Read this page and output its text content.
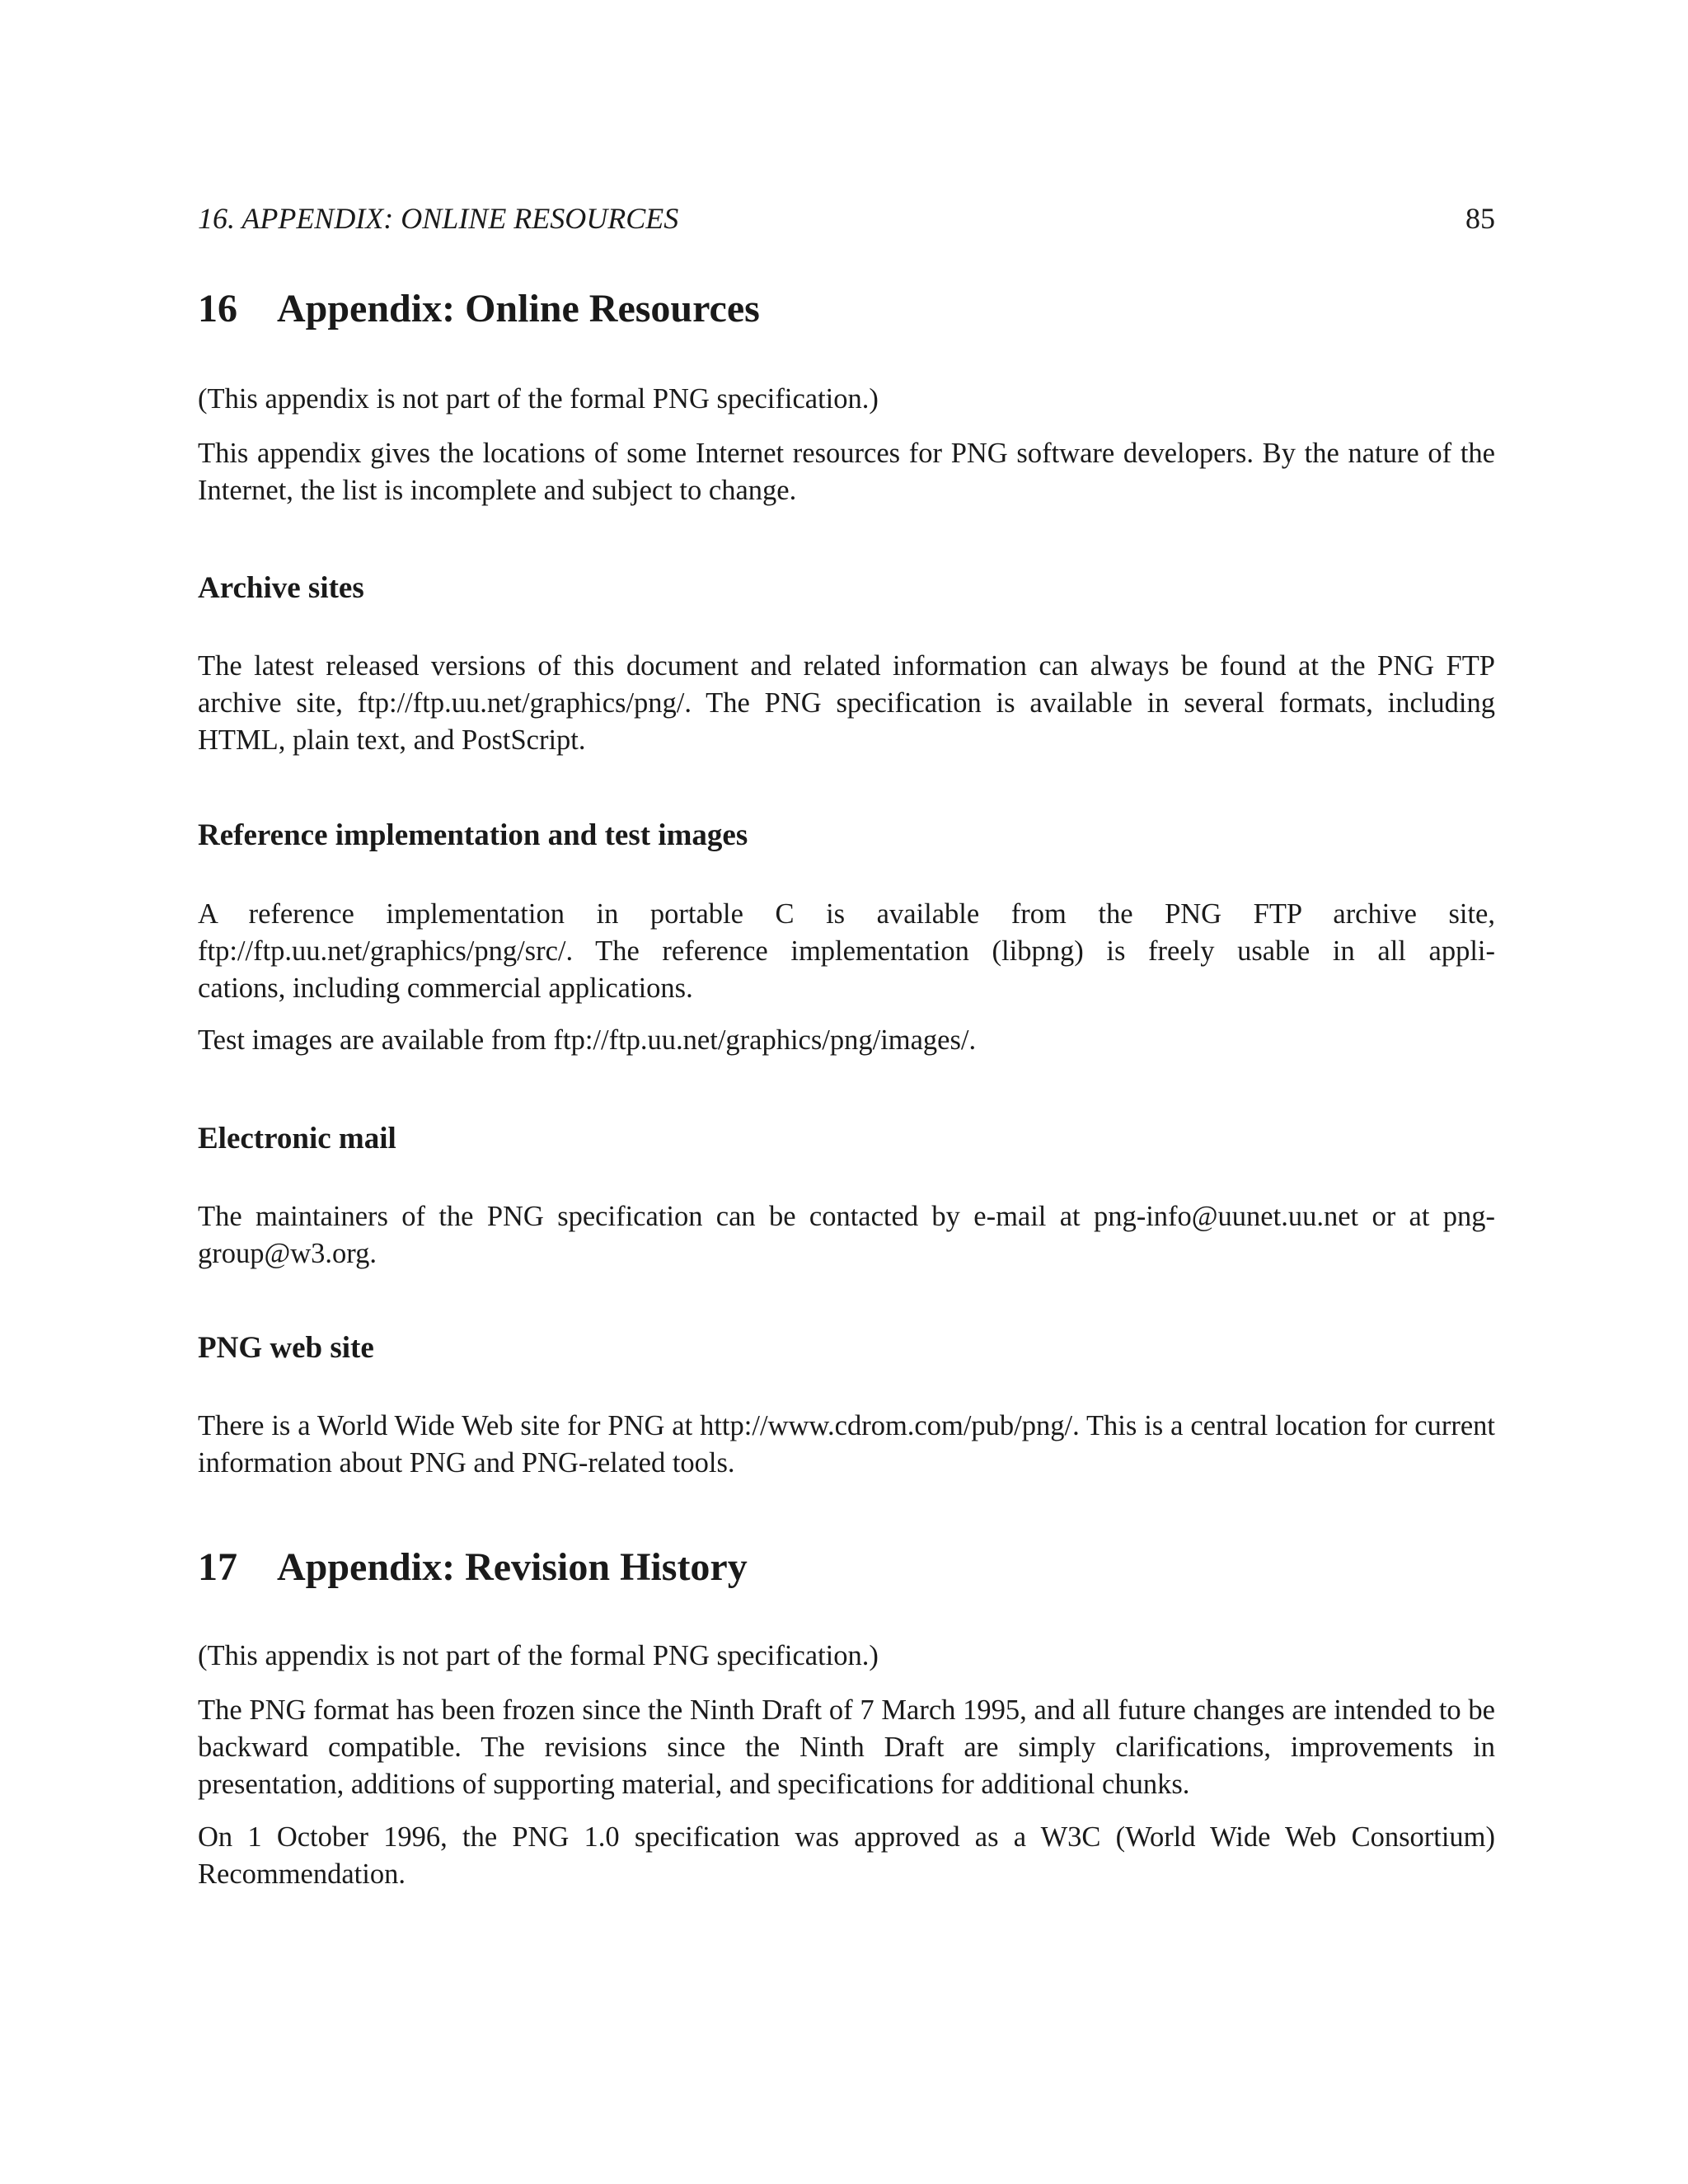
16. APPENDIX: ONLINE RESOURCES	85
16 Appendix: Online Resources

(This appendix is not part of the formal PNG specification.)

This appendix gives the locations of some Internet resources for PNG software developers. By the nature of the Internet, the list is incomplete and subject to change.

Archive sites

The latest released versions of this document and related information can always be found at the PNG FTP archive site, ftp://ftp.uu.net/graphics/png/. The PNG specification is available in several formats, including HTML, plain text, and PostScript.

Reference implementation and test images

A reference implementation in portable C is available from the PNG FTP archive site,

ftp://ftp.uu.net/graphics/png/src/. The reference implementation (libpng) is freely usable in all appli-

cations, including commercial applications.

Test images are available from ftp://ftp.uu.net/graphics/png/images/.

Electronic mail

The maintainers of the PNG specification can be contacted by e-mail at png-info@uunet.uu.net or at png-group@w3.org.

PNG web site

There is a World Wide Web site for PNG at http://www.cdrom.com/pub/png/. This is a central location for current information about PNG and PNG-related tools.

17 Appendix: Revision History

(This appendix is not part of the formal PNG specification.)

The PNG format has been frozen since the Ninth Draft of 7 March 1995, and all future changes are intended to be backward compatible. The revisions since the Ninth Draft are simply clarifications, improvements in presentation, additions of supporting material, and specifications for additional chunks.

On 1 October 1996, the PNG 1.0 specification was approved as a W3C (World Wide Web Consortium) Recommendation.
